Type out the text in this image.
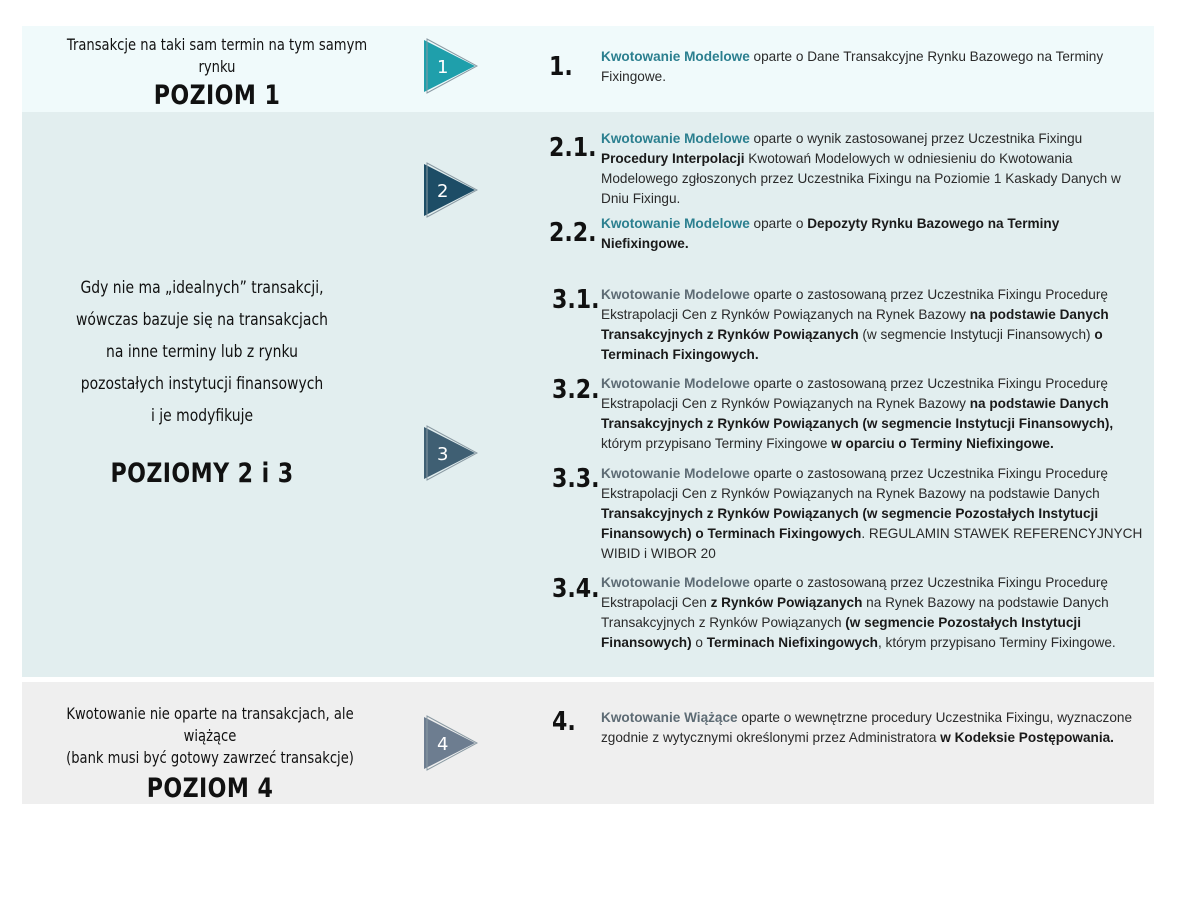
Transakcje na taki sam termin na tym samym rynku
POZIOM 1
Gdy nie ma „idealnych” transakcji,
wówczas bazuje się na transakcjach
na inne terminy lub z rynku
pozostałych instytucji finansowych
i je modyfikuje
POZIOMY 2 i 3
Kwotowanie nie oparte na transakcjach, ale wiążące
(bank musi być gotowy zawrzeć transakcje)
POZIOM 4
1
2
3
4
1.
2.1.
2.2.
3.1.
3.2.
3.3.
3.4.
4.
Kwotowanie Modelowe oparte o Dane Transakcyjne Rynku Bazowego na Terminy Fixingowe.
Kwotowanie Modelowe oparte o wynik zastosowanej przez Uczestnika Fixingu Procedury Interpolacji Kwotowań Modelowych w odniesieniu do Kwotowania Modelowego zgłoszonych przez Uczestnika Fixingu na Poziomie 1 Kaskady Danych w Dniu Fixingu.
Kwotowanie Modelowe oparte o Depozyty Rynku Bazowego na Terminy Niefixingowe.
Kwotowanie Modelowe oparte o zastosowaną przez Uczestnika Fixingu Procedurę Ekstrapolacji Cen z Rynków Powiązanych na Rynek Bazowy na podstawie Danych Transakcyjnych z Rynków Powiązanych (w segmencie Instytucji Finansowych) o Terminach Fixingowych.
Kwotowanie Modelowe oparte o zastosowaną przez Uczestnika Fixingu Procedurę Ekstrapolacji Cen z Rynków Powiązanych na Rynek Bazowy na podstawie Danych Transakcyjnych z Rynków Powiązanych (w segmencie Instytucji Finansowych), którym przypisano Terminy Fixingowe w oparciu o Terminy Niefixingowe.
Kwotowanie Modelowe oparte o zastosowaną przez Uczestnika Fixingu Procedurę Ekstrapolacji Cen z Rynków Powiązanych na Rynek Bazowy na podstawie Danych Transakcyjnych z Rynków Powiązanych (w segmencie Pozostałych Instytucji Finansowych) o Terminach Fixingowych. REGULAMIN STAWEK REFERENCYJNYCH WIBID i WIBOR 20
Kwotowanie Modelowe oparte o zastosowaną przez Uczestnika Fixingu Procedurę Ekstrapolacji Cen z Rynków Powiązanych na Rynek Bazowy na podstawie Danych Transakcyjnych z Rynków Powiązanych (w segmencie Pozostałych Instytucji Finansowych) o Terminach Niefixingowych, którym przypisano Terminy Fixingowe.
Kwotowanie Wiążące oparte o wewnętrzne procedury Uczestnika Fixingu, wyznaczone zgodnie z wytycznymi określonymi przez Administratora w Kodeksie Postępowania.
